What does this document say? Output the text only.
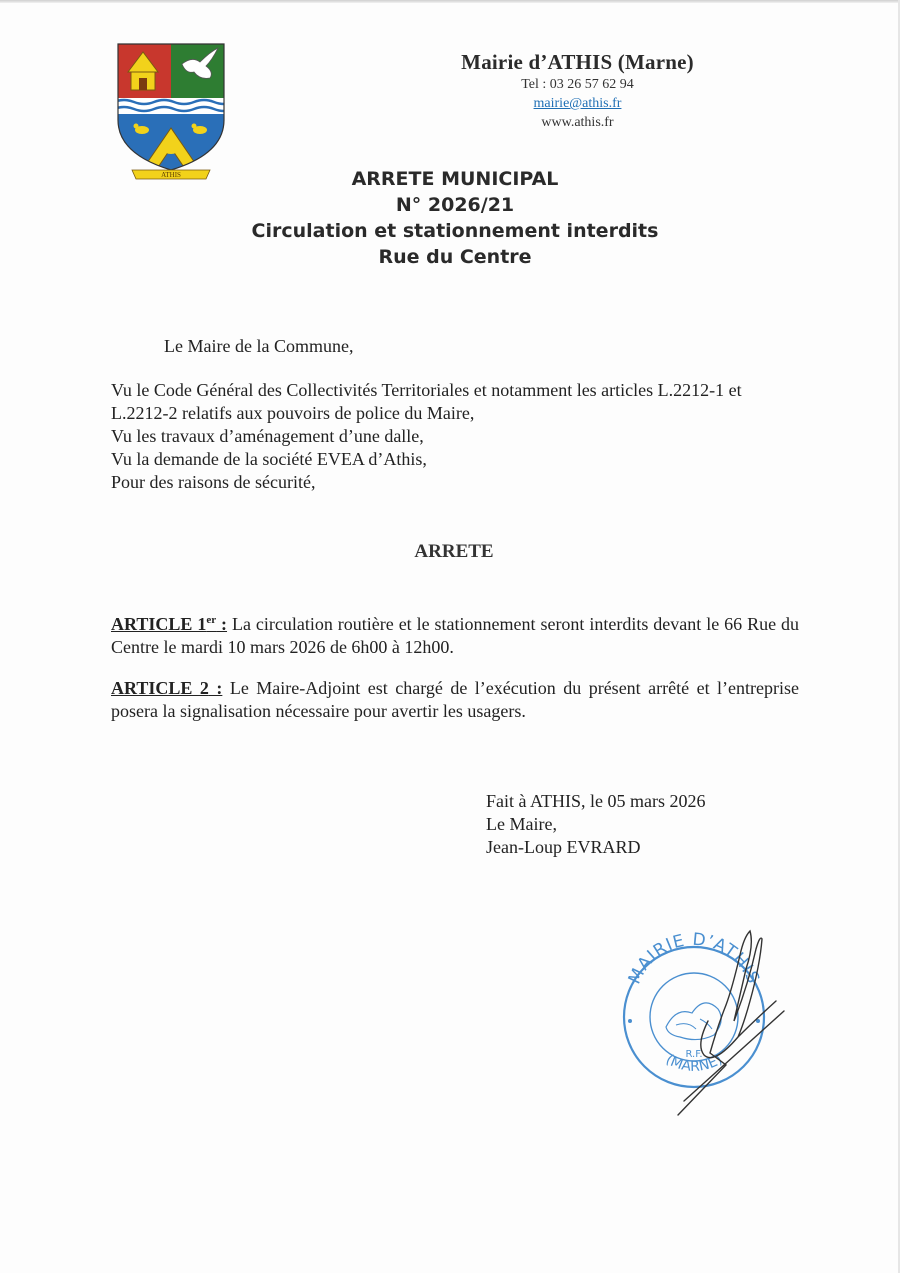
ATHIS
Mairie d’ATHIS (Marne)
Tel : 03 26 57 62 94
mairie@athis.fr
www.athis.fr
ARRETE MUNICIPAL
N° 2026/21
Circulation et stationnement interdits
Rue du Centre
Le Maire de la Commune,
Vu le Code Général des Collectivités Territoriales et notamment les articles L.2212-1 et
L.2212-2 relatifs aux pouvoirs de police du Maire,
Vu les travaux d’aménagement d’une dalle,
Vu la demande de la société EVEA d’Athis,
Pour des raisons de sécurité,
ARRETE
ARTICLE 1er : La circulation routière et le stationnement seront interdits devant le 66 Rue du Centre le mardi 10 mars 2026 de 6h00 à 12h00.
ARTICLE 2 : Le Maire-Adjoint est chargé de l’exécution du présent arrêté et l’entreprise posera la signalisation nécessaire pour avertir les usagers.
Fait à ATHIS, le 05 mars 2026
Le Maire,
Jean-Loup EVRARD
MAIRIE D’ATHIS
(MARNE)
R.F.
